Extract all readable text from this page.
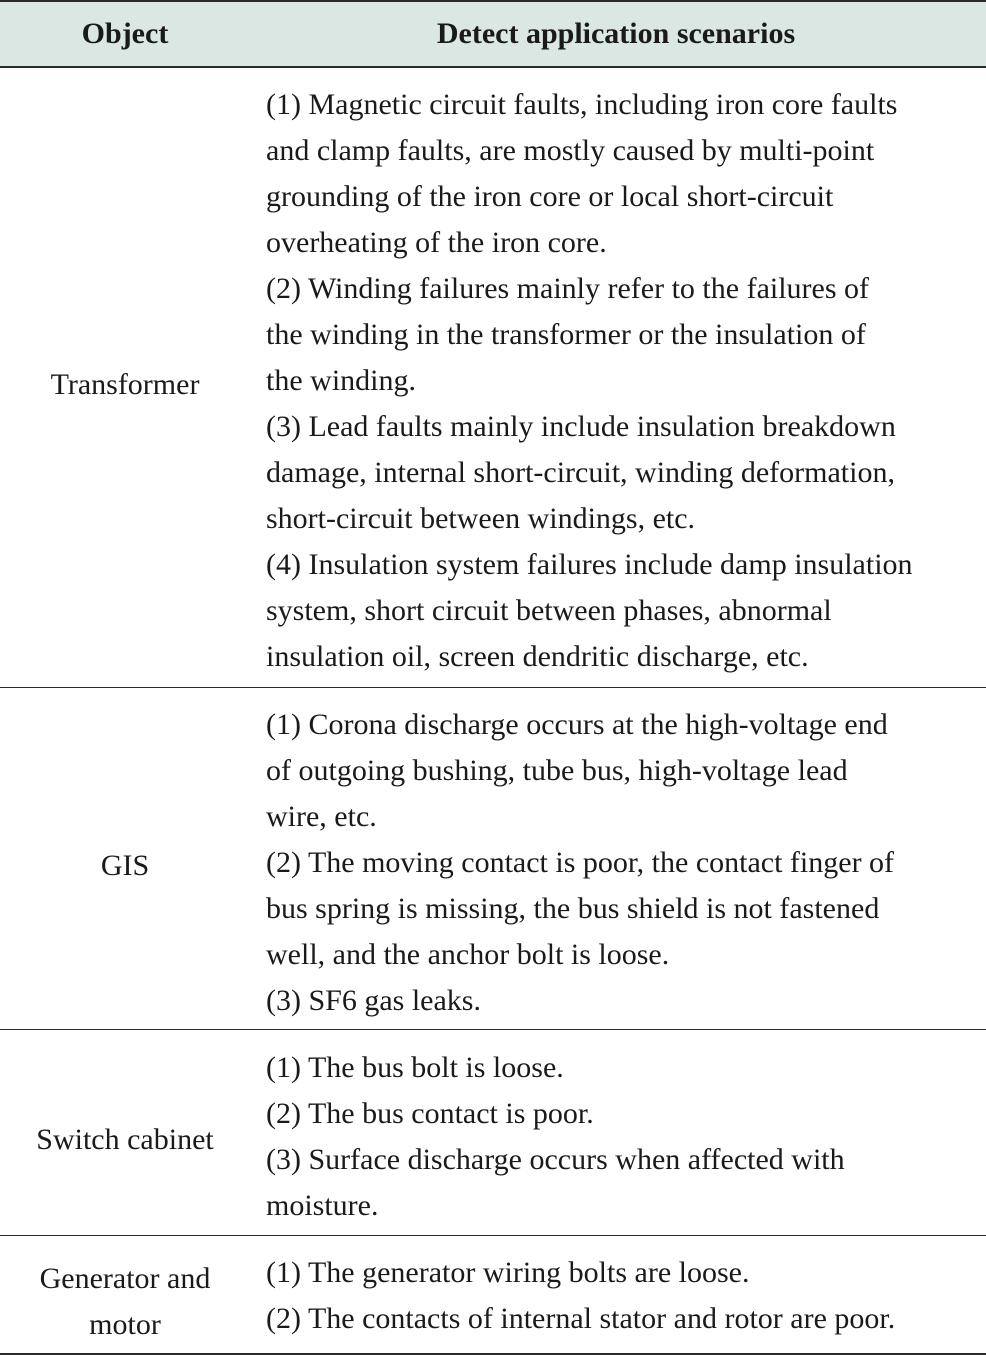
Object	Detect application scenarios
Transformer
(1) Magnetic circuit faults, including iron core faults
and clamp faults, are mostly caused by multi-point
grounding of the iron core or local short-circuit
overheating of the iron core.
(2) Winding failures mainly refer to the failures of
the winding in the transformer or the insulation of
the winding.
(3) Lead faults mainly include insulation breakdown
damage, internal short-circuit, winding deformation,
short-circuit between windings, etc.
(4) Insulation system failures include damp insulation
system, short circuit between phases, abnormal
insulation oil, screen dendritic discharge, etc.
GIS
(1) Corona discharge occurs at the high-voltage end
of outgoing bushing, tube bus, high-voltage lead
wire, etc.
(2) The moving contact is poor, the contact finger of
bus spring is missing, the bus shield is not fastened
well, and the anchor bolt is loose.
(3) SF6 gas leaks.
Switch cabinet
(1) The bus bolt is loose.
(2) The bus contact is poor.
(3) Surface discharge occurs when affected with
moisture.
Generator and
motor
(1) The generator wiring bolts are loose.
(2) The contacts of internal stator and rotor are poor.
